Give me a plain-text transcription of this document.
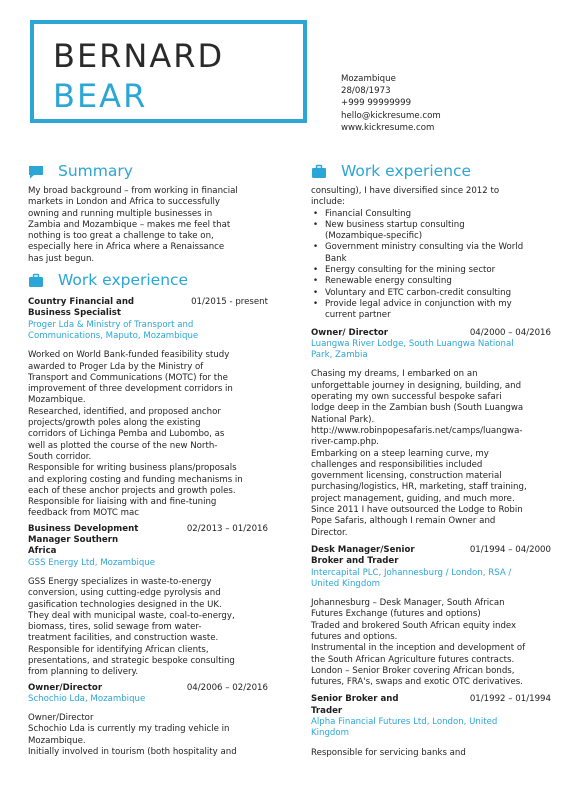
BERNARD
BEAR	Mozambique
28/08/1973
+999 99999999
hello@kickresume.com
www.kickresume.com
Summary
My broad background – from working in financial
markets in London and Africa to successfully
owning and running multiple businesses in
Zambia and Mozambique – makes me feel that
nothing is too great a challenge to take on,
especially here in Africa where a Renaissance
has just begun.
Work experience
Country Financial and
Business Specialist
01/2015 - present
Proger Lda & Ministry of Transport and
Communications, Maputo, Mozambique
Worked on World Bank-funded feasibility study
awarded to Proger Lda by the Ministry of
Transport and Communications (MOTC) for the
improvement of three development corridors in
Mozambique.
Researched, identified, and proposed anchor
projects/growth poles along the existing
corridors of Lichinga Pemba and Lubombo, as
well as plotted the course of the new North-
South corridor.
Responsible for writing business plans/proposals
and exploring costing and funding mechanisms in
each of these anchor projects and growth poles.
Responsible for liaising with and fine-tuning
feedback from MOTC mac
Business Development
Manager Southern
Africa
02/2013 – 01/2016
GSS Energy Ltd, Mozambique
GSS Energy specializes in waste-to-energy
conversion, using cutting-edge pyrolysis and
gasification technologies designed in the UK.
They deal with municipal waste, coal-to-energy,
biomass, tires, solid sewage from water-
treatment facilities, and construction waste.
Responsible for identifying African clients,
presentations, and strategic bespoke consulting
from planning to delivery.
Owner/Director	04/2006 – 02/2016
Schochio Lda, Mozambique
Owner/Director
Schochio Lda is currently my trading vehicle in
Mozambique.
Initially involved in tourism (both hospitality and
Work experience
consulting), I have diversified since 2012 to
include:
• Financial Consulting
• New business startup consulting
(Mozambique-specific)
• Government ministry consulting via the World
Bank
• Energy consulting for the mining sector
• Renewable energy consulting
• Voluntary and ETC carbon-credit consulting
• Provide legal advice in conjunction with my
current partner
Owner/ Director	04/2000 – 04/2016
Luangwa River Lodge, South Luangwa National
Park, Zambia
Chasing my dreams, I embarked on an
unforgettable journey in designing, building, and
operating my own successful bespoke safari
lodge deep in the Zambian bush (South Luangwa
National Park).
http://www.robinpopesafaris.net/camps/luangwa-
river-camp.php.
Embarking on a steep learning curve, my
challenges and responsibilities included
government licensing, construction material
purchasing/logistics, HR, marketing, staff training,
project management, guiding, and much more.
Since 2011 I have outsourced the Lodge to Robin
Pope Safaris, although I remain Owner and
Director.
Desk Manager/Senior
Broker and Trader
01/1994 – 04/2000
Intercapital PLC, Johannesburg / London, RSA /
United Kingdom
Johannesburg – Desk Manager, South African
Futures Exchange (futures and options)
Traded and brokered South African equity index
futures and options.
Instrumental in the inception and development of
the South African Agriculture futures contracts.
London – Senior Broker covering African bonds,
futures, FRA's, swaps and exotic OTC derivatives.
Senior Broker and
Trader
01/1992 – 01/1994
Alpha Financial Futures Ltd, London, United
Kingdom
Responsible for servicing banks and
